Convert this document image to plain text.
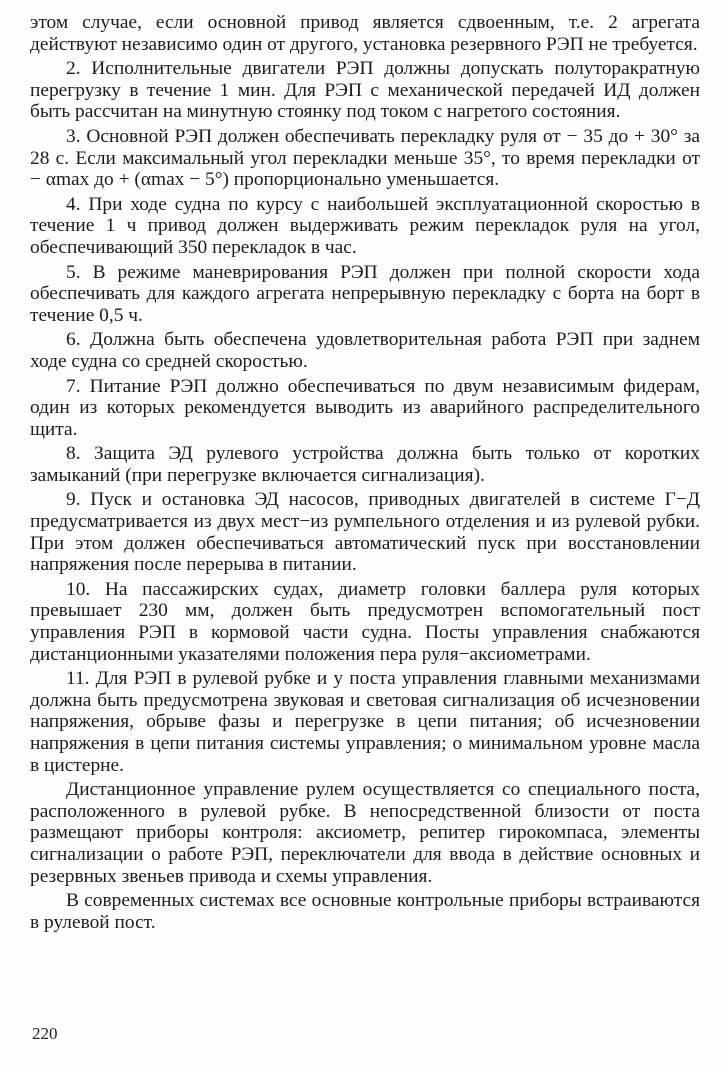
этом случае, если основной привод является сдвоенным, т.е. 2 агрегата действуют независимо один от другого, установка резервного РЭП не требуется.

2. Исполнительные двигатели РЭП должны допускать полуторакратную перегрузку в течение 1 мин. Для РЭП с механической передачей ИД должен быть рассчитан на минутную стоянку под током с нагретого состояния.

3. Основной РЭП должен обеспечивать перекладку руля от − 35 до + 30° за 28 с. Если максимальный угол перекладки меньше 35°, то время перекладки от − αmax до + (αmax − 5°) пропорционально уменьшается.

4. При ходе судна по курсу с наибольшей эксплуатационной скоростью в течение 1 ч привод должен выдерживать режим перекладок руля на угол, обеспечивающий 350 перекладок в час.

5. В режиме маневрирования РЭП должен при полной скорости хода обеспечивать для каждого агрегата непрерывную перекладку с борта на борт в течение 0,5 ч.

6. Должна быть обеспечена удовлетворительная работа РЭП при заднем ходе судна со средней скоростью.

7. Питание РЭП должно обеспечиваться по двум независимым фидерам, один из которых рекомендуется выводить из аварийного распределительного щита.

8. Защита ЭД рулевого устройства должна быть только от коротких замыканий (при перегрузке включается сигнализация).

9. Пуск и остановка ЭД насосов, приводных двигателей в системе Г−Д предусматривается из двух мест−из румпельного отделения и из рулевой рубки. При этом должен обеспечиваться автоматический пуск при восстановлении напряжения после перерыва в питании.

10. На пассажирских судах, диаметр головки баллера руля которых превышает 230 мм, должен быть предусмотрен вспомогательный пост управления РЭП в кормовой части судна. Посты управления снабжаются дистанционными указателями положения пера руля−аксиометрами.

11. Для РЭП в рулевой рубке и у поста управления главными механизмами должна быть предусмотрена звуковая и световая сигнализация об исчезновении напряжения, обрыве фазы и перегрузке в цепи питания; об исчезновении напряжения в цепи питания системы управления; о минимальном уровне масла в цистерне.

Дистанционное управление рулем осуществляется со специального поста, расположенного в рулевой рубке. В непосредственной близости от поста размещают приборы контроля: аксиометр, репитер гирокомпаса, элементы сигнализации о работе РЭП, переключатели для ввода в действие основных и резервных звеньев привода и схемы управления.

В современных системах все основные контрольные приборы встраиваются в рулевой пост.

220
